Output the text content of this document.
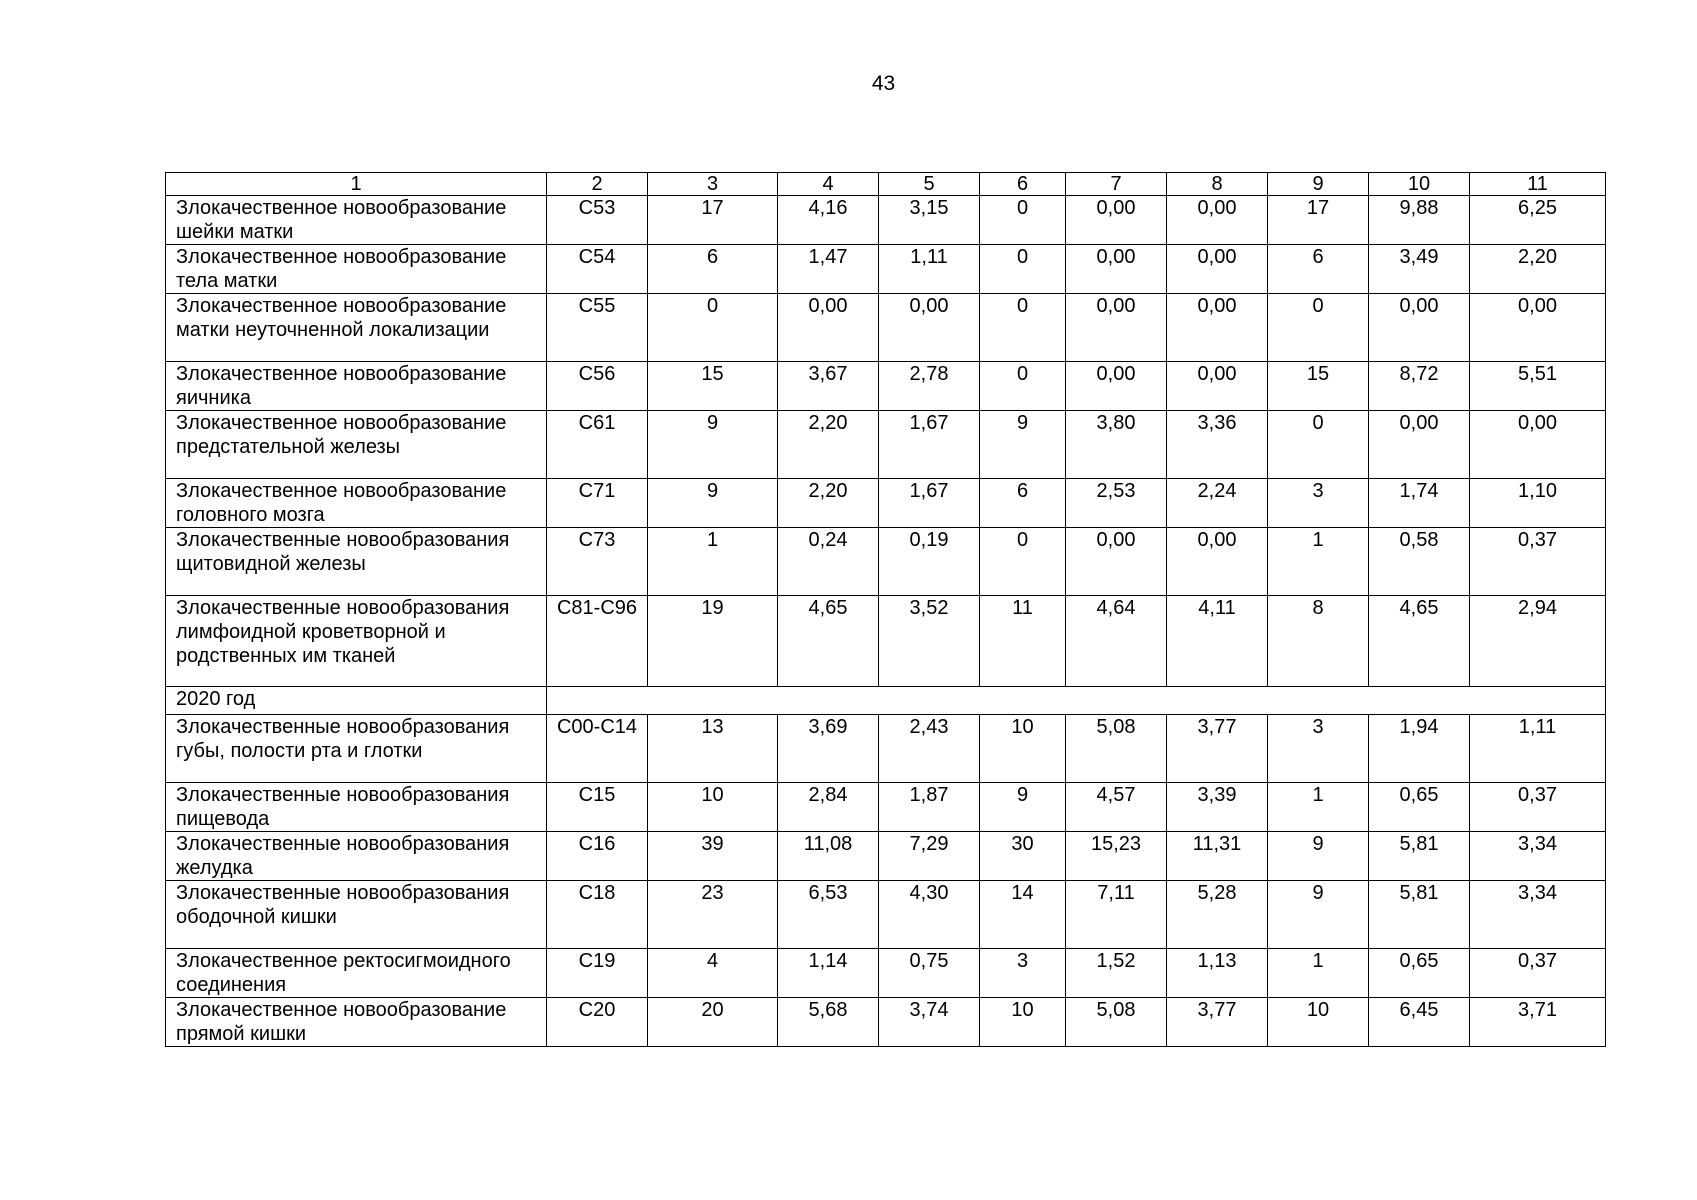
43
1	2	3	4	5	6	7	8	9	10	11
Злокачественное новообразование шейки матки	С53	17	4,16	3,15	0	0,00	0,00	17	9,88	6,25
Злокачественное новообразование тела матки	С54	6	1,47	1,11	0	0,00	0,00	6	3,49	2,20
Злокачественное новообразование матки неуточненной локализации	С55	0	0,00	0,00	0	0,00	0,00	0	0,00	0,00
Злокачественное новообразование яичника	С56	15	3,67	2,78	0	0,00	0,00	15	8,72	5,51
Злокачественное новообразование предстательной железы	С61	9	2,20	1,67	9	3,80	3,36	0	0,00	0,00
Злокачественное новообразование головного мозга	С71	9	2,20	1,67	6	2,53	2,24	3	1,74	1,10
Злокачественные новообразования щитовидной железы	С73	1	0,24	0,19	0	0,00	0,00	1	0,58	0,37
Злокачественные новообразования лимфоидной кроветворной и родственных им тканей	С81-С96	19	4,65	3,52	11	4,64	4,11	8	4,65	2,94
2020 год										
Злокачественные новообразования губы, полости рта и глотки	С00-С14	13	3,69	2,43	10	5,08	3,77	3	1,94	1,11
Злокачественные новообразования пищевода	С15	10	2,84	1,87	9	4,57	3,39	1	0,65	0,37
Злокачественные новообразования желудка	С16	39	11,08	7,29	30	15,23	11,31	9	5,81	3,34
Злокачественные новообразования ободочной кишки	С18	23	6,53	4,30	14	7,11	5,28	9	5,81	3,34
Злокачественное ректосигмоидного соединения	С19	4	1,14	0,75	3	1,52	1,13	1	0,65	0,37
Злокачественное новообразование прямой кишки	С20	20	5,68	3,74	10	5,08	3,77	10	6,45	3,71
